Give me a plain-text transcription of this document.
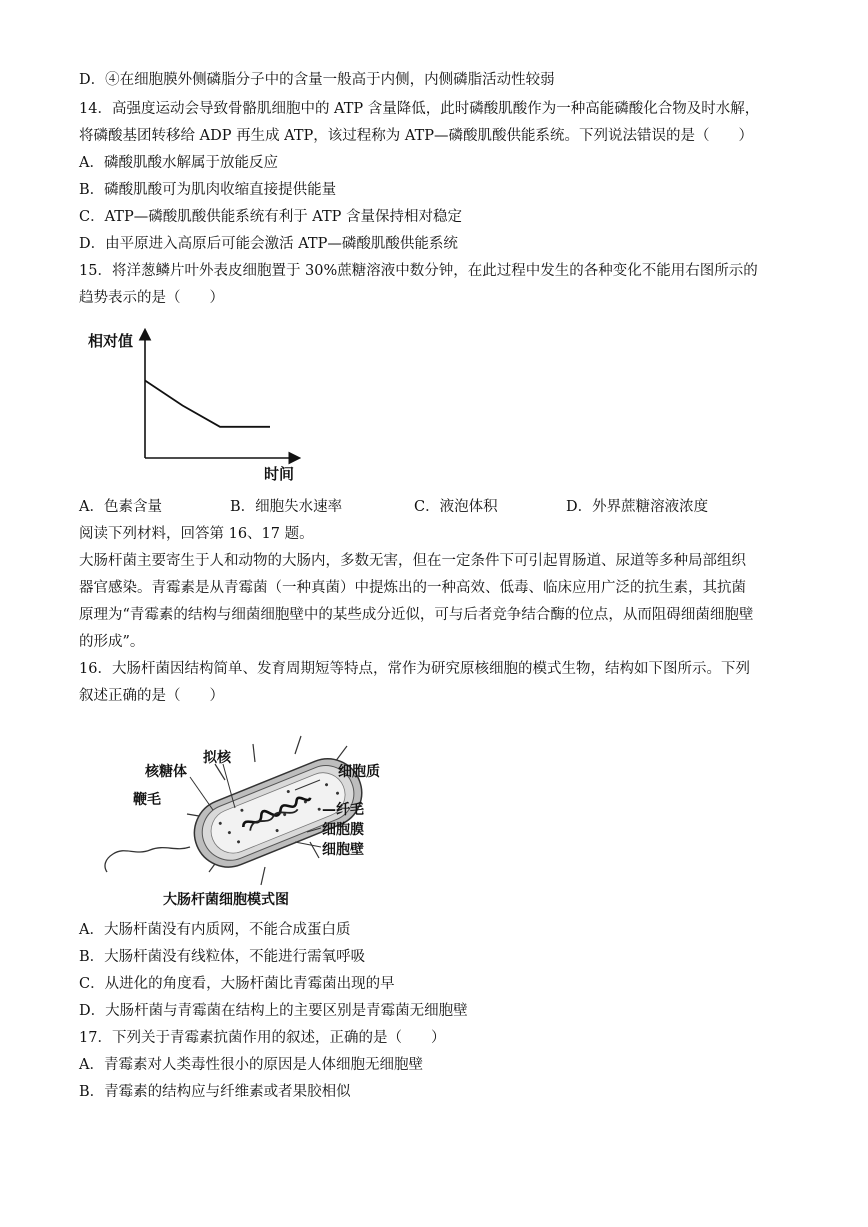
D．④在细胞膜外侧磷脂分子中的含量一般高于内侧，内侧磷脂活动性较弱
14．高强度运动会导致骨骼肌细胞中的 ATP 含量降低，此时磷酸肌酸作为一种高能磷酸化合物及时水解，
将磷酸基团转移给 ADP 再生成 ATP，该过程称为 ATP—磷酸肌酸供能系统。下列说法错误的是（　　）
A．磷酸肌酸水解属于放能反应
B．磷酸肌酸可为肌肉收缩直接提供能量
C．ATP—磷酸肌酸供能系统有利于 ATP 含量保持相对稳定
D．由平原进入高原后可能会激活 ATP—磷酸肌酸供能系统
15．将洋葱鳞片叶外表皮细胞置于 30%蔗糖溶液中数分钟，在此过程中发生的各种变化不能用右图所示的
趋势表示的是（　　）
相对值
时间
A．色素含量	B．细胞失水速率	C．液泡体积	D．外界蔗糖溶液浓度
阅读下列材料，回答第 16、17 题。
大肠杆菌主要寄生于人和动物的大肠内，多数无害，但在一定条件下可引起胃肠道、尿道等多种局部组织
器官感染。青霉素是从青霉菌（一种真菌）中提炼出的一种高效、低毒、临床应用广泛的抗生素，其抗菌
原理为“青霉素的结构与细菌细胞壁中的某些成分近似，可与后者竞争结合酶的位点，从而阻碍细菌细胞壁
的形成”。
16．大肠杆菌因结构简单、发育周期短等特点，常作为研究原核细胞的模式生物，结构如下图所示。下列
叙述正确的是（　　）
核糖体
拟核
鞭毛
细胞质
—纤毛
细胞膜
细胞壁
大肠杆菌细胞模式图
A．大肠杆菌没有内质网，不能合成蛋白质
B．大肠杆菌没有线粒体，不能进行需氧呼吸
C．从进化的角度看，大肠杆菌比青霉菌出现的早
D．大肠杆菌与青霉菌在结构上的主要区别是青霉菌无细胞壁
17．下列关于青霉素抗菌作用的叙述，正确的是（　　）
A．青霉素对人类毒性很小的原因是人体细胞无细胞壁
B．青霉素的结构应与纤维素或者果胶相似
